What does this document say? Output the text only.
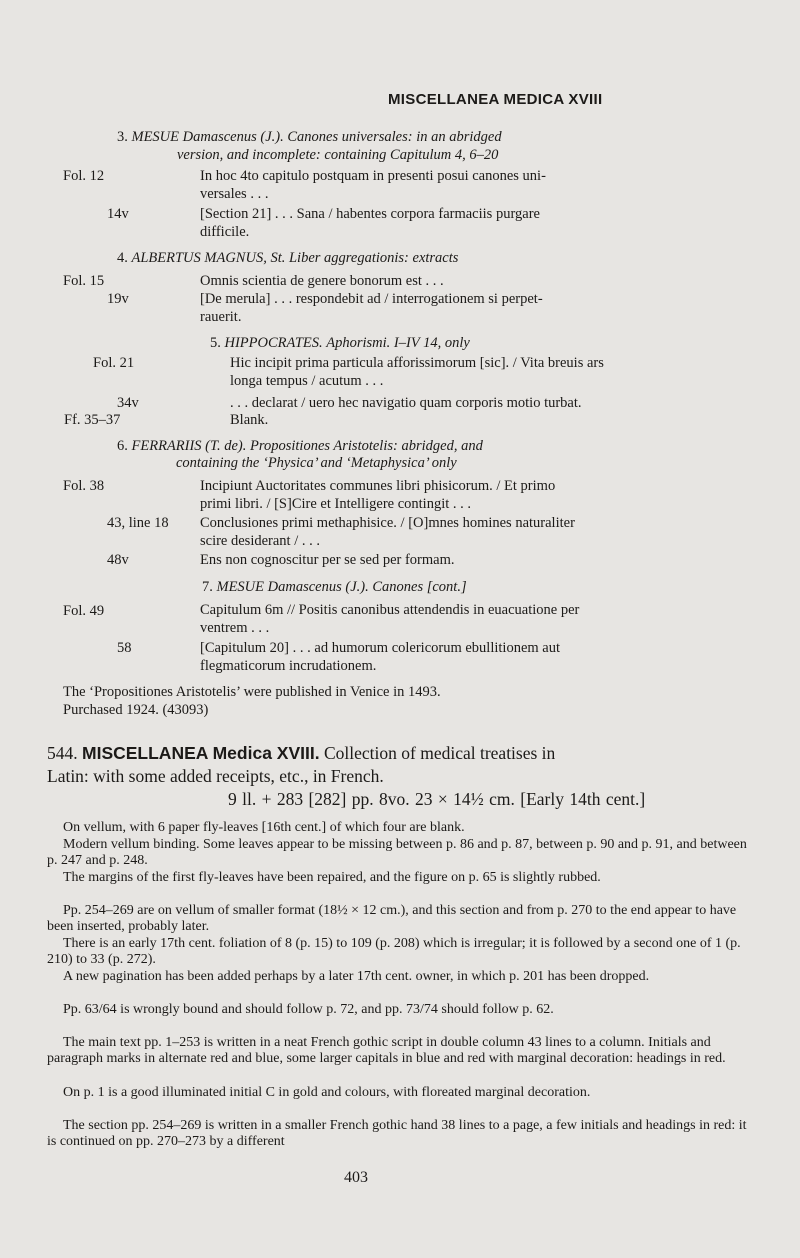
MISCELLANEA MEDICA XVIII
3. MESUE Damascenus (J.). Canones universales: in an abridged
version, and incomplete: containing Capitulum 4, 6–20
Fol. 12	In hoc 4to capitulo postquam in presenti posui canones uni-
versales . . .
14v	[Section 21] . . . Sana / habentes corpora farmaciis purgare
difficile.
4. ALBERTUS MAGNUS, St. Liber aggregationis: extracts
Fol. 15	Omnis scientia de genere bonorum est . . .
19v	[De merula] . . . respondebit ad / interrogationem si perpet-
rauerit.
5. HIPPOCRATES. Aphorismi. I–IV 14, only
Fol. 21	Hic incipit prima particula afforissimorum [sic]. / Vita breuis ars
longa tempus / acutum . . .
34v	. . . declarat / uero hec navigatio quam corporis motio turbat.
Ff. 35–37	Blank.
6. FERRARIIS (T. de). Propositiones Aristotelis: abridged, and
containing the ‘Physica’ and ‘Metaphysica’ only
Fol. 38	Incipiunt Auctoritates communes libri phisicorum. / Et primo
primi libri. / [S]Cire et Intelligere contingit . . .
43, line 18 Conclusiones primi methaphisice. / [O]mnes homines naturaliter
scire desiderant / . . .
48v	Ens non cognoscitur per se sed per formam.
7. MESUE Damascenus (J.). Canones [cont.]
Fol. 49	Capitulum 6m // Positis canonibus attendendis in euacuatione per
ventrem . . .
58	[Capitulum 20] . . . ad humorum colericorum ebullitionem aut
flegmaticorum incrudationem.
The ‘Propositiones Aristotelis’ were published in Venice in 1493.
Purchased 1924. (43093)
544. MISCELLANEA Medica XVIII. Collection of medical treatises in
Latin: with some added receipts, etc., in French.
9 ll. + 283 [282] pp. 8vo. 23 × 14½ cm. [Early 14th cent.]
On vellum, with 6 paper fly-leaves [16th cent.] of which four are blank.
Modern vellum binding. Some leaves appear to be missing between p. 86 and p. 87, between p. 90 and p. 91, and between p. 247 and p. 248.
The margins of the first fly-leaves have been repaired, and the figure on p. 65 is slightly rubbed.
Pp. 254–269 are on vellum of smaller format (18½ × 12 cm.), and this section and from p. 270 to the end appear to have been inserted, probably later.
There is an early 17th cent. foliation of 8 (p. 15) to 109 (p. 208) which is irregular; it is followed by a second one of 1 (p. 210) to 33 (p. 272).
A new pagination has been added perhaps by a later 17th cent. owner, in which p. 201 has been dropped.
Pp. 63/64 is wrongly bound and should follow p. 72, and pp. 73/74 should follow p. 62.
The main text pp. 1–253 is written in a neat French gothic script in double column 43 lines to a column. Initials and paragraph marks in alternate red and blue, some larger capitals in blue and red with marginal decoration: headings in red.
On p. 1 is a good illuminated initial C in gold and colours, with floreated marginal decoration.
The section pp. 254–269 is written in a smaller French gothic hand 38 lines to a page, a few initials and headings in red: it is continued on pp. 270–273 by a different
403
